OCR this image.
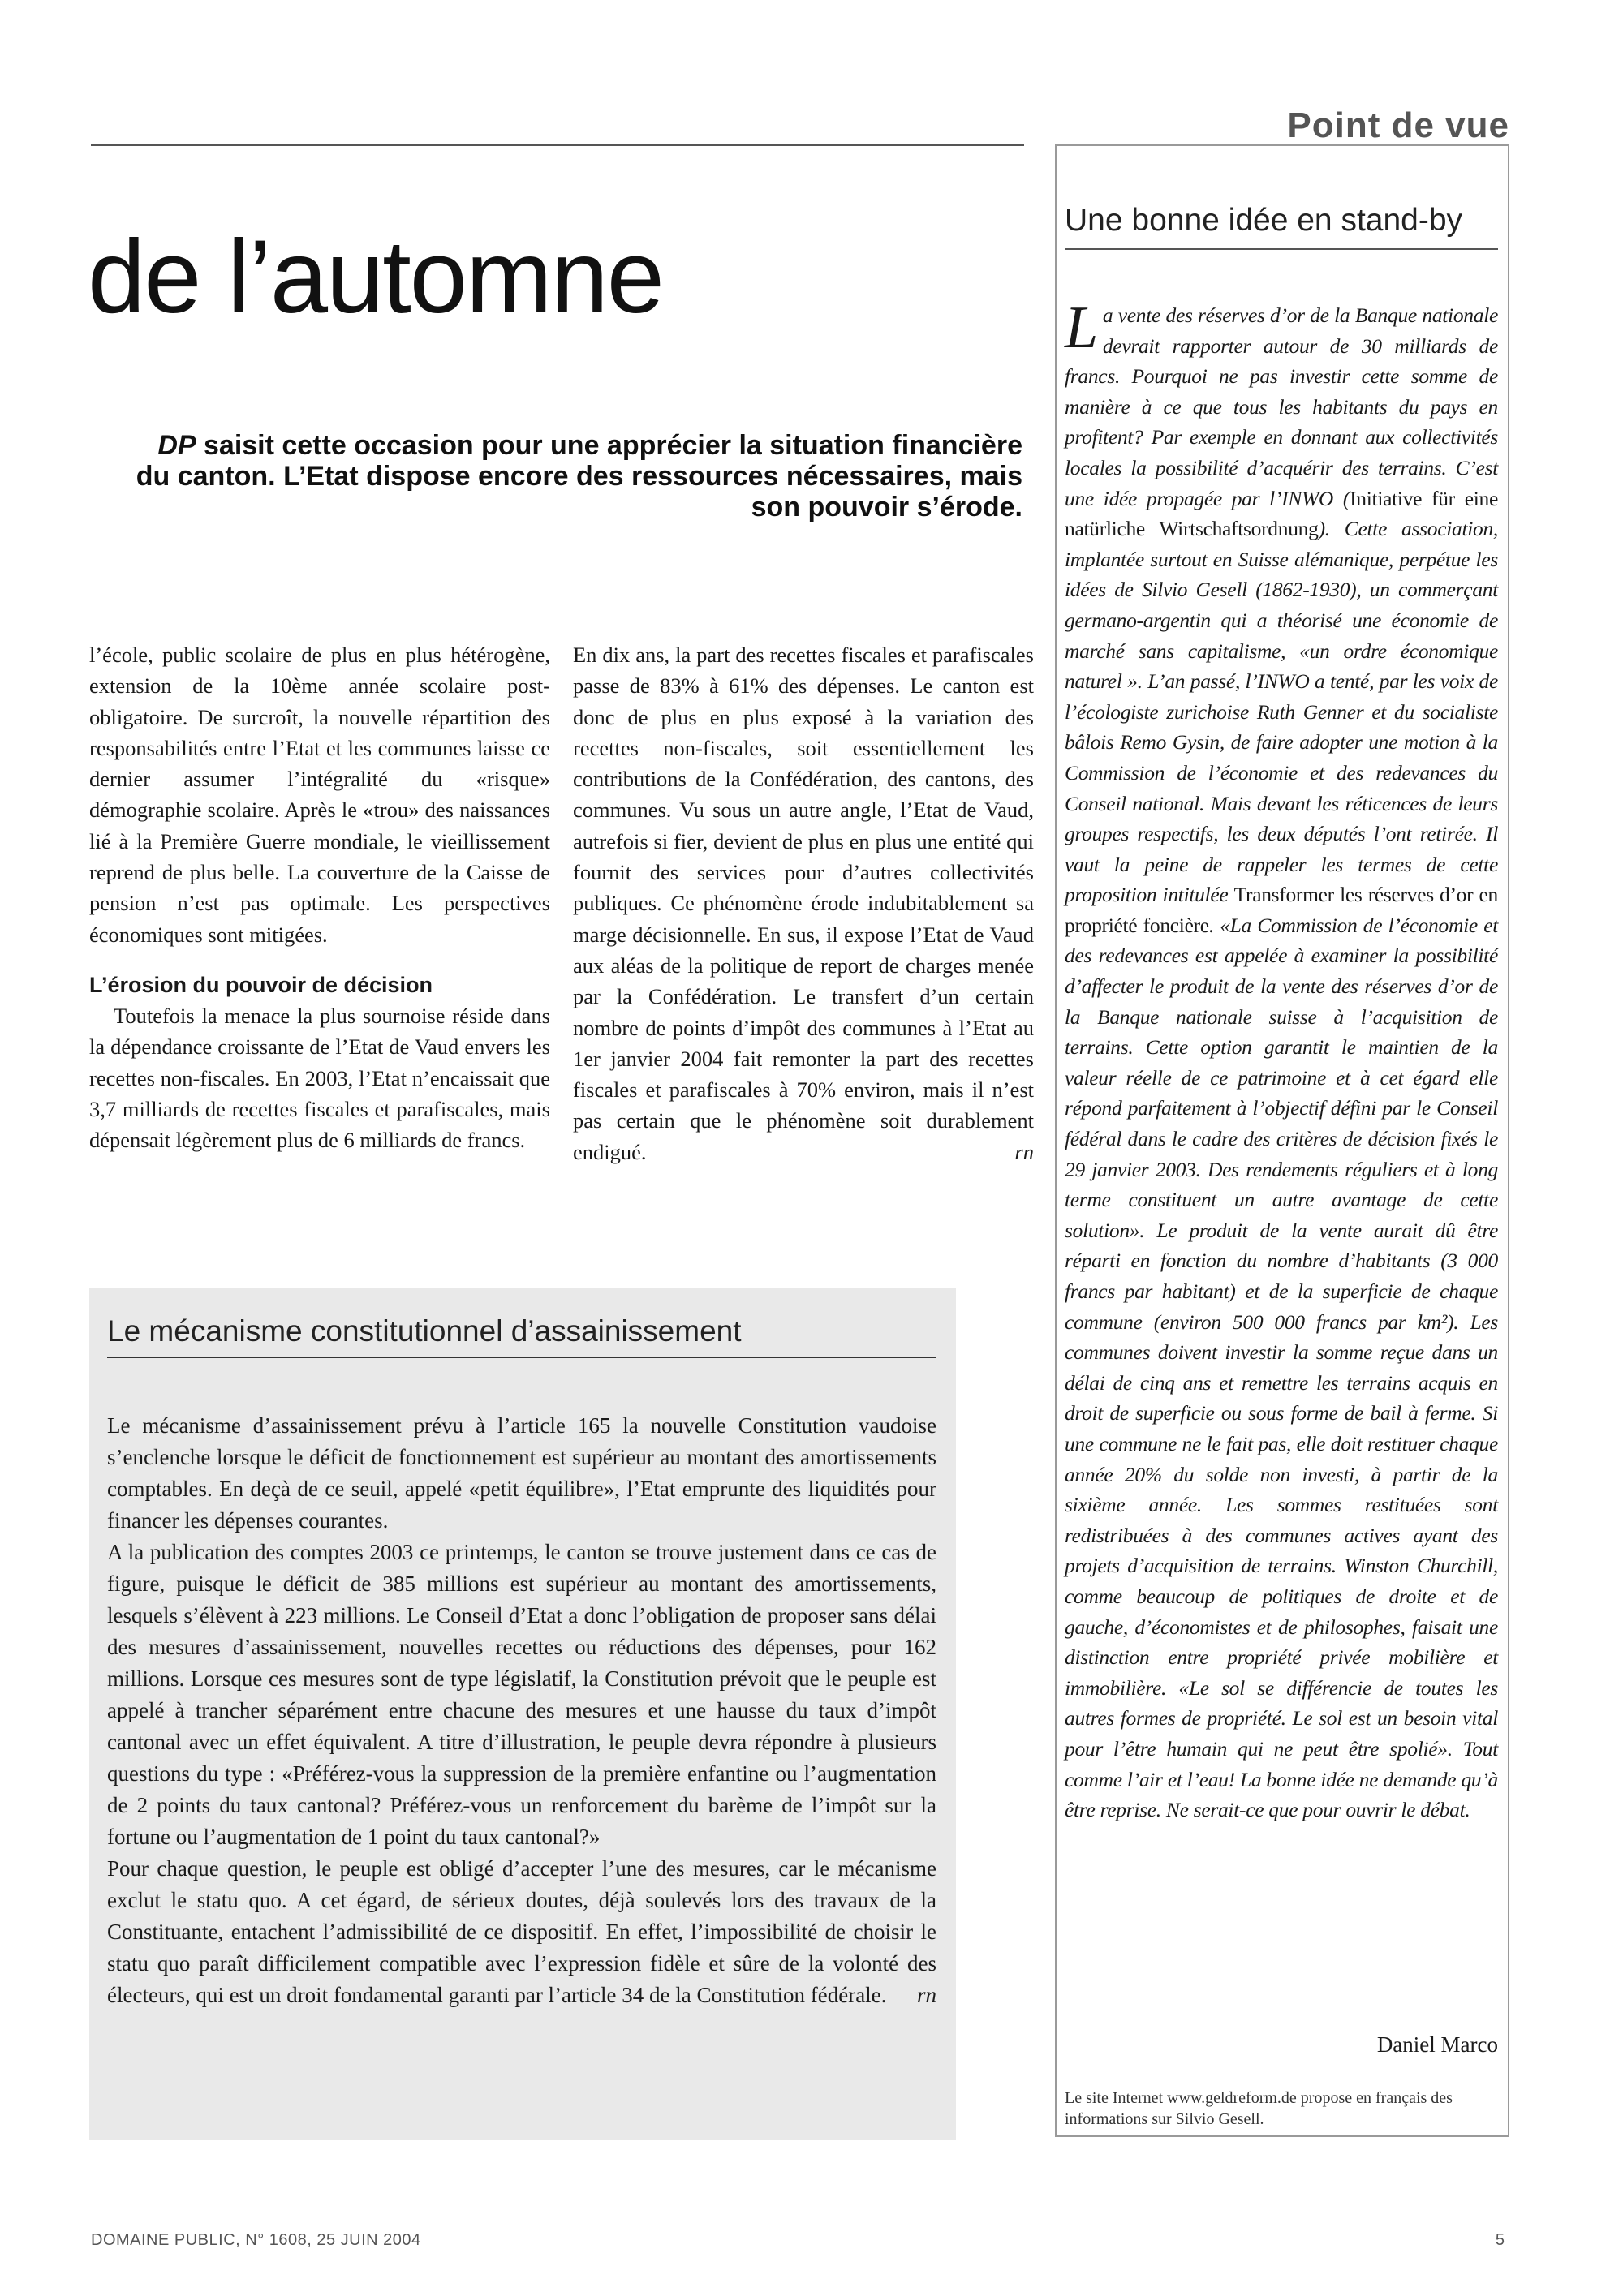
Point de vue
de l’automne
DP saisit cette occasion pour une apprécier la situation financière du canton. L’Etat dispose encore des ressources nécessaires, mais son pouvoir s’érode.

l’école, public scolaire de plus en plus hétérogène, extension de la 10ème année scolaire post-obligatoire. De surcroît, la nouvelle répartition des responsabilités entre l’Etat et les communes laisse ce dernier assumer l’intégralité du «risque» démographie scolaire. Après le «trou» des naissances lié à la Première Guerre mondiale, le vieillissement reprend de plus belle. La couverture de la Caisse de pension n’est pas optimale. Les perspectives économiques sont mitigées.

L’érosion du pouvoir de décision

Toutefois la menace la plus sournoise réside dans la dépendance croissante de l’Etat de Vaud envers les recettes non-fiscales. En 2003, l’Etat n’encaissait que 3,7 milliards de recettes fiscales et parafiscales, mais dépensait légèrement plus de 6 milliards de francs.

En dix ans, la part des recettes fiscales et parafiscales passe de 83% à 61% des dépenses. Le canton est donc de plus en plus exposé à la variation des recettes non-fiscales, soit essentiellement les contributions de la Confédération, des cantons, des communes. Vu sous un autre angle, l’Etat de Vaud, autrefois si fier, devient de plus en plus une entité qui fournit des services pour d’autres collectivités publiques. Ce phénomène érode indubitablement sa marge décisionnelle. En sus, il expose l’Etat de Vaud aux aléas de la politique de report de charges menée par la Confédération. Le transfert d’un certain nombre de points d’impôt des communes à l’Etat au 1er janvier 2004 fait remonter la part des recettes fiscales et parafiscales à 70% environ, mais il n’est pas certain que le phénomène soit durablement endigué.	rn

Le mécanisme constitutionnel d’assainissement

Le mécanisme d’assainissement prévu à l’article 165 la nouvelle Constitution vaudoise s’enclenche lorsque le déficit de fonctionnement est supérieur au montant des amortissements comptables. En deçà de ce seuil, appelé «petit équilibre», l’Etat emprunte des liquidités pour financer les dépenses courantes.

A la publication des comptes 2003 ce printemps, le canton se trouve justement dans ce cas de figure, puisque le déficit de 385 millions est supérieur au montant des amortissements, lesquels s’élèvent à 223 millions. Le Conseil d’Etat a donc l’obligation de proposer sans délai des mesures d’assainissement, nouvelles recettes ou réductions des dépenses, pour 162 millions. Lorsque ces mesures sont de type législatif, la Constitution prévoit que le peuple est appelé à trancher séparément entre chacune des mesures et une hausse du taux d’impôt cantonal avec un effet équivalent. A titre d’illustration, le peuple devra répondre à plusieurs questions du type : «Préférez-vous la suppression de la première enfantine ou l’augmentation de 2 points du taux cantonal? Préférez-vous un renforcement du barème de l’impôt sur la fortune ou l’augmentation de 1 point du taux cantonal?»

Pour chaque question, le peuple est obligé d’accepter l’une des mesures, car le mécanisme exclut le statu quo. A cet égard, de sérieux doutes, déjà soulevés lors des travaux de la Constituante, entachent l’admissibilité de ce dispositif. En effet, l’impossibilité de choisir le statu quo paraît difficilement compatible avec l’expression fidèle et sûre de la volonté des électeurs, qui est un droit fondamental garanti par l’article 34 de la Constitution fédérale. rn

Une bonne idée en stand-by
La vente des réserves d’or de la Banque nationale devrait rapporter autour de 30 milliards de francs. Pourquoi ne pas investir cette somme de manière à ce que tous les habitants du pays en profitent? Par exemple en donnant aux collectivités locales la possibilité d’acquérir des terrains. C’est une idée propagée par l’INWO (Initiative für eine natürliche Wirtschaftsordnung). Cette association, implantée surtout en Suisse alémanique, perpétue les idées de Silvio Gesell (1862-1930), un commerçant germano-argentin qui a théorisé une économie de marché sans capitalisme, «un ordre économique naturel ». L’an passé, l’INWO a tenté, par les voix de l’écologiste zurichoise Ruth Genner et du socialiste bâlois Remo Gysin, de faire adopter une motion à la Commission de l’économie et des redevances du Conseil national. Mais devant les réticences de leurs groupes respectifs, les deux députés l’ont retirée. Il vaut la peine de rappeler les termes de cette proposition intitulée Transformer les réserves d’or en propriété foncière. «La Commission de l’économie et des redevances est appelée à examiner la possibilité d’affecter le produit de la vente des réserves d’or de la Banque nationale suisse à l’acquisition de terrains. Cette option garantit le maintien de la valeur réelle de ce patrimoine et à cet égard elle répond parfaitement à l’objectif défini par le Conseil fédéral dans le cadre des critères de décision fixés le 29 janvier 2003. Des rendements réguliers et à long terme constituent un autre avantage de cette solution». Le produit de la vente aurait dû être réparti en fonction du nombre d’habitants (3 000 francs par habitant) et de la superficie de chaque commune (environ 500 000 francs par km²). Les communes doivent investir la somme reçue dans un délai de cinq ans et remettre les terrains acquis en droit de superficie ou sous forme de bail à ferme. Si une commune ne le fait pas, elle doit restituer chaque année 20% du solde non investi, à partir de la sixième année. Les sommes restituées sont redistribuées à des communes actives ayant des projets d’acquisition de terrains. Winston Churchill, comme beaucoup de politiques de droite et de gauche, d’économistes et de philosophes, faisait une distinction entre propriété privée mobilière et immobilière. «Le sol se différencie de toutes les autres formes de propriété. Le sol est un besoin vital pour l’être humain qui ne peut être spolié». Tout comme l’air et l’eau! La bonne idée ne demande qu’à être reprise. Ne serait-ce que pour ouvrir le débat.
Daniel Marco
Le site Internet www.geldreform.de propose en français des informations sur Silvio Gesell.
DOMAINE PUBLIC, N° 1608, 25 JUIN 2004	5
